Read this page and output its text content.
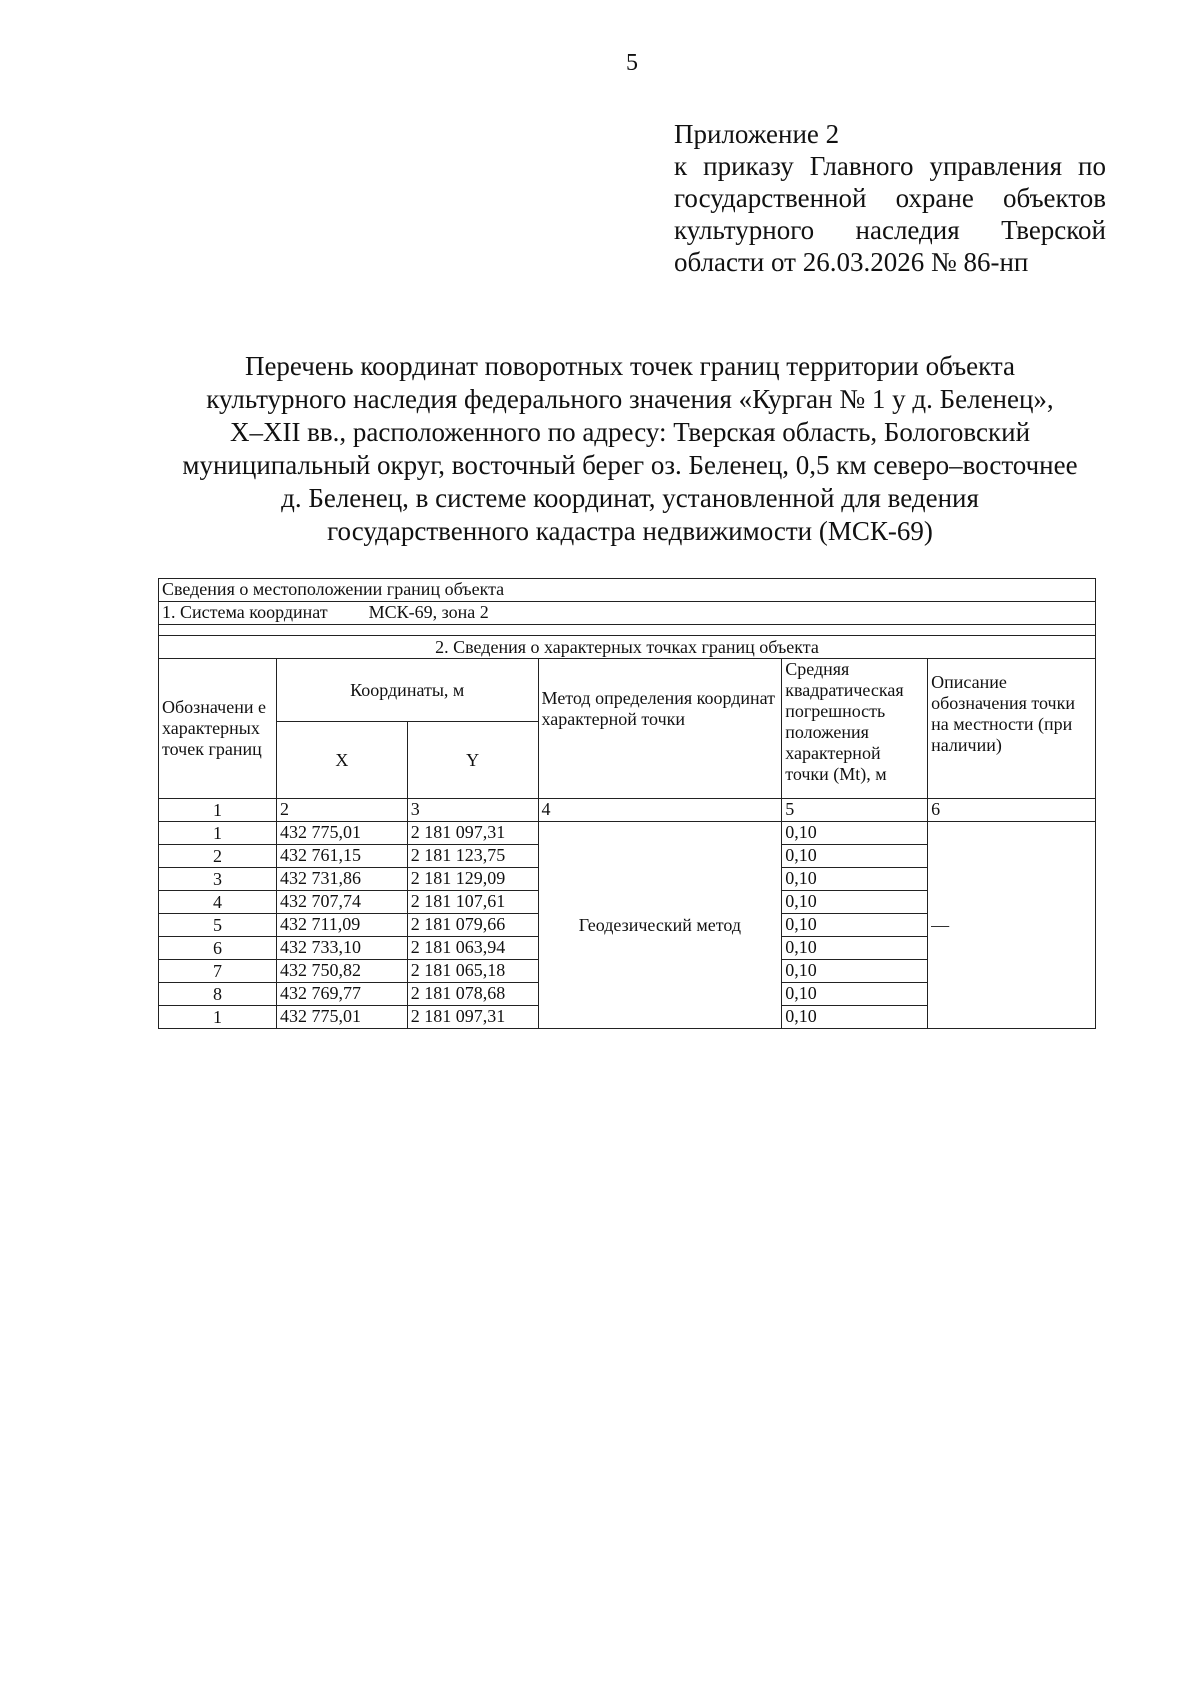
5
Приложение 2
к приказу Главного управления по
государственной охране объектов
культурного наследия Тверской
области от 26.03.2026 № 86-нп
Перечень координат поворотных точек границ территории объекта
культурного наследия федерального значения «Курган № 1 у д. Беленец»,
X–XII вв., расположенного по адресу: Тверская область, Бологовский
муниципальный округ, восточный берег оз. Беленец, 0,5 км северо–восточнее
д. Беленец, в системе координат, установленной для ведения
государственного кадастра недвижимости (МСК-69)
Сведения о местоположении границ объекта					
1. Система координат МСК-69, зона 2					

2. Сведения о характерных точках границ объекта					
Обозначени е характерных точек границ	Координаты, м		Метод определения координат характерной точки	Средняя квадратическая погрешность положения характерной точки (Mt), м	Описание обозначения точки на местности (при наличии)
	X	Y			
1	2	3	4	5	6
1	432 775,01	2 181 097,31	Геодезический метод	0,10	—
2	432 761,15	2 181 123,75		0,10	
3	432 731,86	2 181 129,09		0,10	
4	432 707,74	2 181 107,61		0,10	
5	432 711,09	2 181 079,66		0,10	
6	432 733,10	2 181 063,94		0,10	
7	432 750,82	2 181 065,18		0,10	
8	432 769,77	2 181 078,68		0,10	
1	432 775,01	2 181 097,31		0,10	
